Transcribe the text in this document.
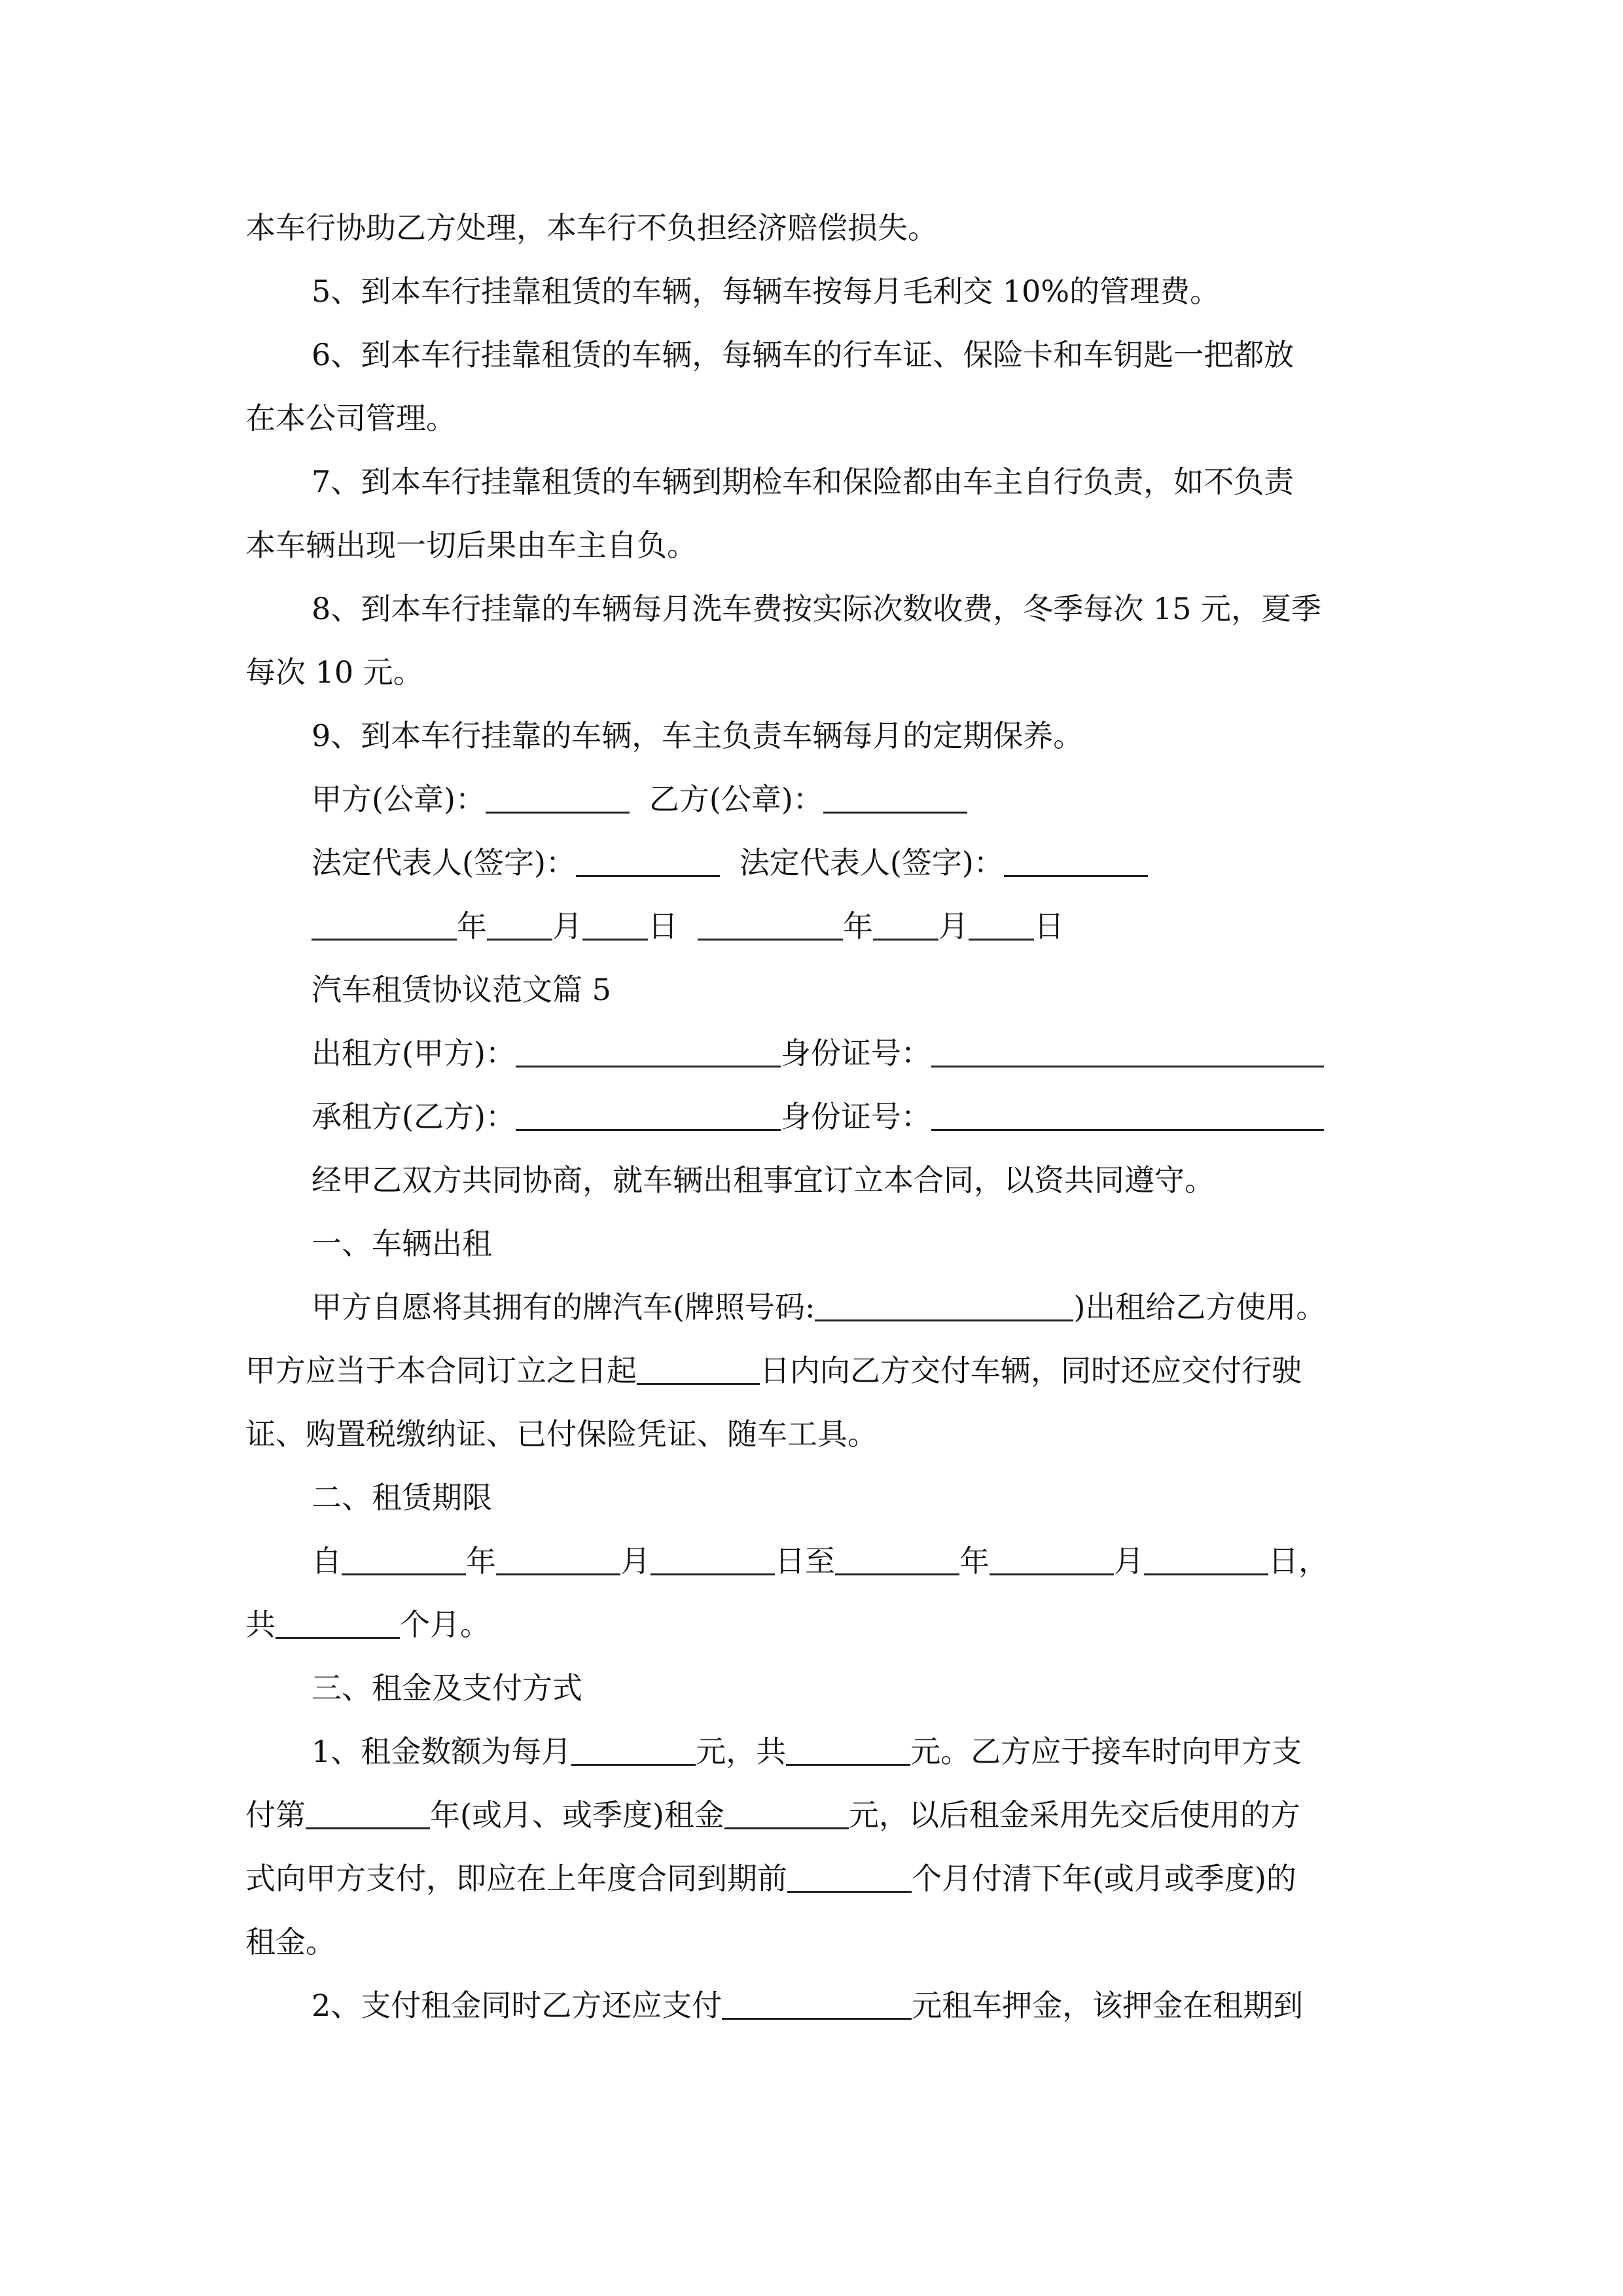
本车行协助乙方处理，本车行不负担经济赔偿损失。
5、到本车行挂靠租赁的车辆，每辆车按每月毛利交 10%的管理费。
6、到本车行挂靠租赁的车辆，每辆车的行车证、保险卡和车钥匙一把都放
在本公司管理。
7、到本车行挂靠租赁的车辆到期检车和保险都由车主自行负责，如不负责
本车辆出现一切后果由车主自负。
8、到本车行挂靠的车辆每月洗车费按实际次数收费，冬季每次 15 元，夏季
每次 10 元。
9、到本车行挂靠的车辆，车主负责车辆每月的定期保养。
甲方(公章)：	乙方(公章)：
法定代表人(签字)：	法定代表人(签字)：
年 月 日	年 月 日
汽车租赁协议范文篇 5
出租方(甲方)：	身份证号：
承租方(乙方)：	身份证号：
经甲乙双方共同协商，就车辆出租事宜订立本合同，以资共同遵守。
一、车辆出租
甲方自愿将其拥有的牌汽车(牌照号码:	)出租给乙方使用。
甲方应当于本合同订立之日起	日内向乙方交付车辆，同时还应交付行驶
证、购置税缴纳证、已付保险凭证、随车工具。
二、租赁期限
自	年	月	日至	年	月	日，
共	个月。
三、租金及支付方式
1、租金数额为每月	元，共	元。乙方应于接车时向甲方支
付第	年(或月、或季度)租金	元，以后租金采用先交后使用的方
式向甲方支付，即应在上年度合同到期前	个月付清下年(或月或季度)的
租金。
2、支付租金同时乙方还应支付	元租车押金，该押金在租期到
